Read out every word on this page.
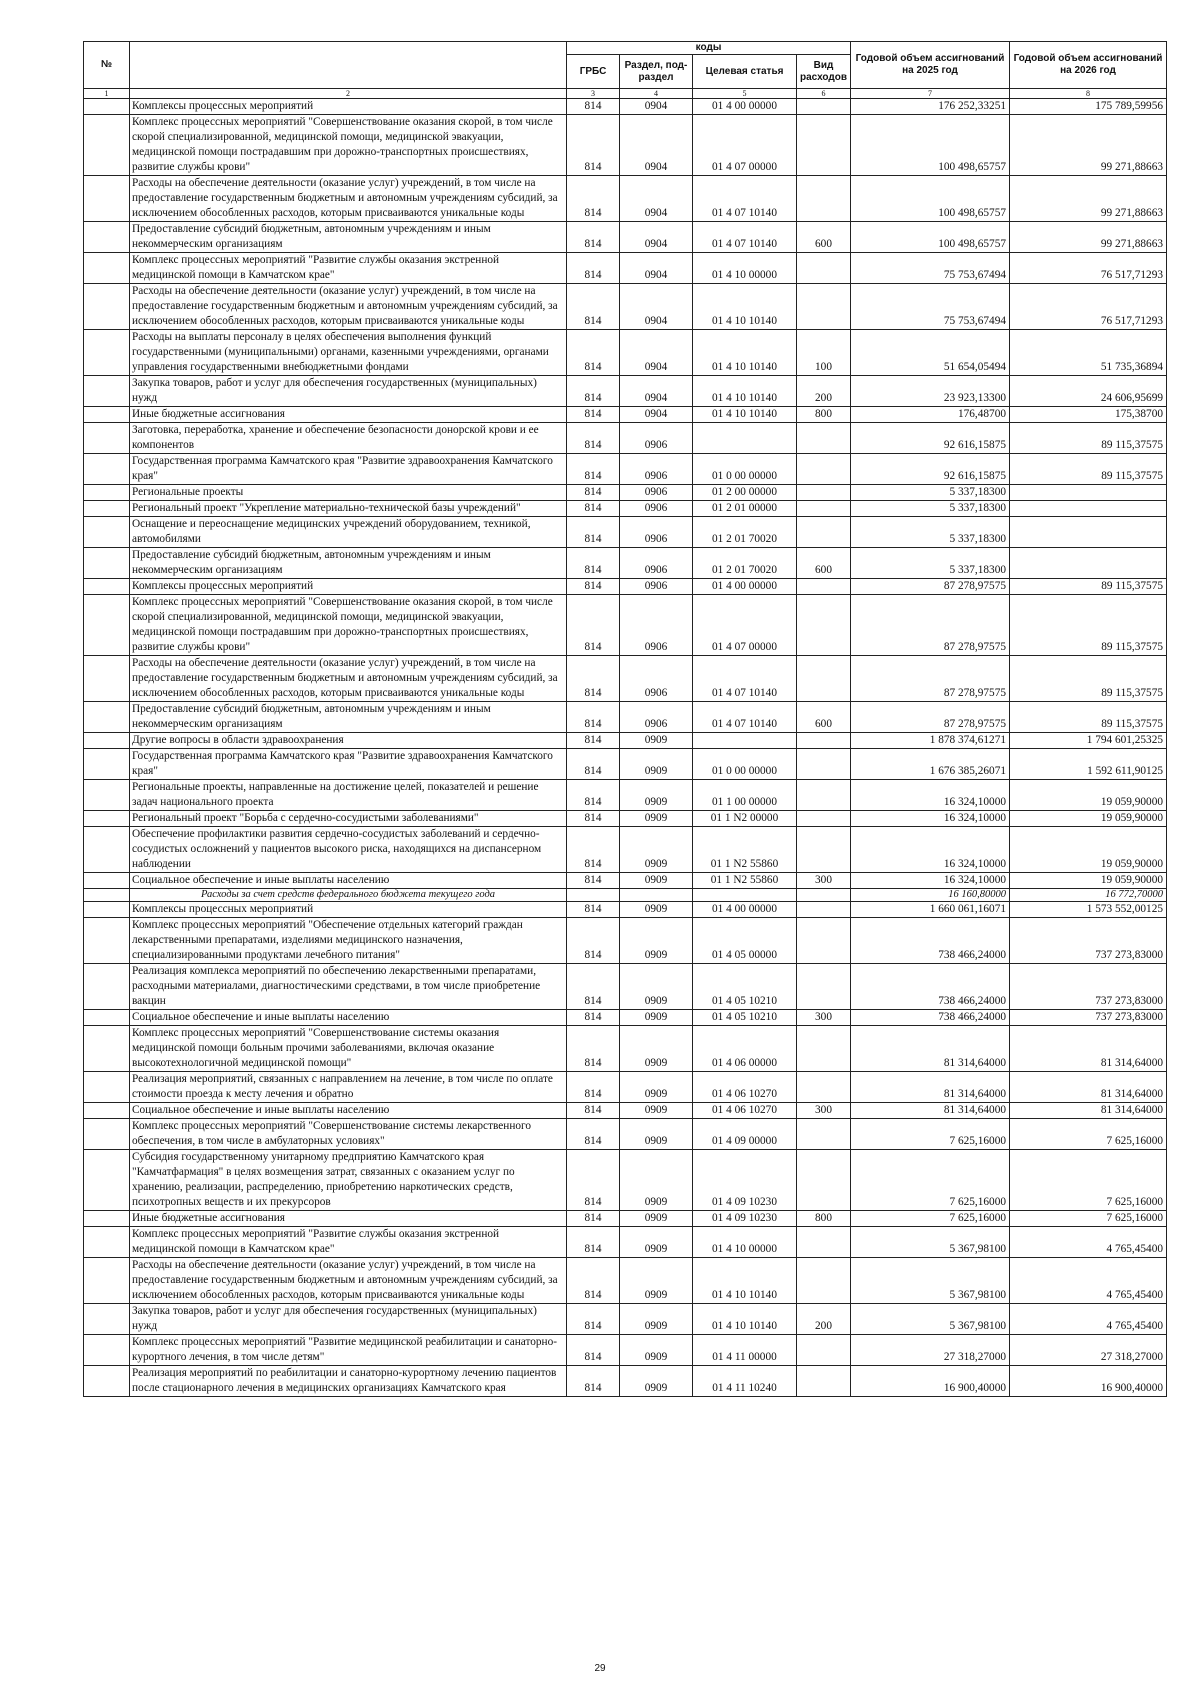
№		коды				Годовой объем ассигнований на 2025 год	Годовой объем ассигнований на 2026 год
		ГРБС	Раздел, под-раздел	Целевая статья	Вид расходов		
1	2	3	4	5	6	7	8
	Комплексы процессных мероприятий	814	0904	01 4 00 00000		176 252,33251	175 789,59956
	Комплекс процессных мероприятий "Совершенствование оказания скорой, в том числе скорой специализированной, медицинской помощи, медицинской эвакуации, медицинской помощи пострадавшим при дорожно-транспортных происшествиях, развитие службы крови"	814	0904	01 4 07 00000		100 498,65757	99 271,88663
	Расходы на обеспечение деятельности (оказание услуг) учреждений, в том числе на предоставление государственным бюджетным и автономным учреждениям субсидий, за исключением обособленных расходов, которым присваиваются уникальные коды	814	0904	01 4 07 10140		100 498,65757	99 271,88663
	Предоставление субсидий бюджетным, автономным учреждениям и иным некоммерческим организациям	814	0904	01 4 07 10140	600	100 498,65757	99 271,88663
	Комплекс процессных мероприятий "Развитие службы оказания экстренной медицинской помощи в Камчатском крае"	814	0904	01 4 10 00000		75 753,67494	76 517,71293
	Расходы на обеспечение деятельности (оказание услуг) учреждений, в том числе на предоставление государственным бюджетным и автономным учреждениям субсидий, за исключением обособленных расходов, которым присваиваются уникальные коды	814	0904	01 4 10 10140		75 753,67494	76 517,71293
	Расходы на выплаты персоналу в целях обеспечения выполнения функций государственными (муниципальными) органами, казенными учреждениями, органами управления государственными внебюджетными фондами	814	0904	01 4 10 10140	100	51 654,05494	51 735,36894
	Закупка товаров, работ и услуг для обеспечения государственных (муниципальных) нужд	814	0904	01 4 10 10140	200	23 923,13300	24 606,95699
	Иные бюджетные ассигнования	814	0904	01 4 10 10140	800	176,48700	175,38700
	Заготовка, переработка, хранение и обеспечение безопасности донорской крови и ее компонентов	814	0906			92 616,15875	89 115,37575
	Государственная программа Камчатского края "Развитие здравоохранения Камчатского края"	814	0906	01 0 00 00000		92 616,15875	89 115,37575
	Региональные проекты	814	0906	01 2 00 00000		5 337,18300	
	Региональный проект "Укрепление материально-технической базы учреждений"	814	0906	01 2 01 00000		5 337,18300	
	Оснащение и переоснащение медицинских учреждений оборудованием, техникой, автомобилями	814	0906	01 2 01 70020		5 337,18300	
	Предоставление субсидий бюджетным, автономным учреждениям и иным некоммерческим организациям	814	0906	01 2 01 70020	600	5 337,18300	
	Комплексы процессных мероприятий	814	0906	01 4 00 00000		87 278,97575	89 115,37575
	Комплекс процессных мероприятий "Совершенствование оказания скорой, в том числе скорой специализированной, медицинской помощи, медицинской эвакуации, медицинской помощи пострадавшим при дорожно-транспортных происшествиях, развитие службы крови"	814	0906	01 4 07 00000		87 278,97575	89 115,37575
	Расходы на обеспечение деятельности (оказание услуг) учреждений, в том числе на предоставление государственным бюджетным и автономным учреждениям субсидий, за исключением обособленных расходов, которым присваиваются уникальные коды	814	0906	01 4 07 10140		87 278,97575	89 115,37575
	Предоставление субсидий бюджетным, автономным учреждениям и иным некоммерческим организациям	814	0906	01 4 07 10140	600	87 278,97575	89 115,37575
	Другие вопросы в области здравоохранения	814	0909			1 878 374,61271	1 794 601,25325
	Государственная программа Камчатского края "Развитие здравоохранения Камчатского края"	814	0909	01 0 00 00000		1 676 385,26071	1 592 611,90125
	Региональные проекты, направленные на достижение целей, показателей и решение задач национального проекта	814	0909	01 1 00 00000		16 324,10000	19 059,90000
	Региональный проект "Борьба с сердечно-сосудистыми заболеваниями"	814	0909	01 1 N2 00000		16 324,10000	19 059,90000
	Обеспечение профилактики развития сердечно-сосудистых заболеваний и сердечно-сосудистых осложнений у пациентов высокого риска, находящихся на диспансерном наблюдении	814	0909	01 1 N2 55860		16 324,10000	19 059,90000
	Социальное обеспечение и иные выплаты населению	814	0909	01 1 N2 55860	300	16 324,10000	19 059,90000
	Расходы за счет средств федерального бюджета текущего года					16 160,80000	16 772,70000
	Комплексы процессных мероприятий	814	0909	01 4 00 00000		1 660 061,16071	1 573 552,00125
	Комплекс процессных мероприятий "Обеспечение отдельных категорий граждан лекарственными препаратами, изделиями медицинского назначения, специализированными продуктами лечебного питания"	814	0909	01 4 05 00000		738 466,24000	737 273,83000
	Реализация комплекса мероприятий по обеспечению лекарственными препаратами, расходными материалами, диагностическими средствами, в том числе приобретение вакцин	814	0909	01 4 05 10210		738 466,24000	737 273,83000
	Социальное обеспечение и иные выплаты населению	814	0909	01 4 05 10210	300	738 466,24000	737 273,83000
	Комплекс процессных мероприятий "Совершенствование системы оказания медицинской помощи больным прочими заболеваниями, включая оказание высокотехнологичной медицинской помощи"	814	0909	01 4 06 00000		81 314,64000	81 314,64000
	Реализация мероприятий, связанных с направлением на лечение, в том числе по оплате стоимости проезда к месту лечения и обратно	814	0909	01 4 06 10270		81 314,64000	81 314,64000
	Социальное обеспечение и иные выплаты населению	814	0909	01 4 06 10270	300	81 314,64000	81 314,64000
	Комплекс процессных мероприятий "Совершенствование системы лекарственного обеспечения, в том числе в амбулаторных условиях"	814	0909	01 4 09 00000		7 625,16000	7 625,16000
	Субсидия государственному унитарному предприятию Камчатского края "Камчатфармация" в целях возмещения затрат, связанных с оказанием услуг по хранению, реализации, распределению, приобретению наркотических средств, психотропных веществ и их прекурсоров	814	0909	01 4 09 10230		7 625,16000	7 625,16000
	Иные бюджетные ассигнования	814	0909	01 4 09 10230	800	7 625,16000	7 625,16000
	Комплекс процессных мероприятий "Развитие службы оказания экстренной медицинской помощи в Камчатском крае"	814	0909	01 4 10 00000		5 367,98100	4 765,45400
	Расходы на обеспечение деятельности (оказание услуг) учреждений, в том числе на предоставление государственным бюджетным и автономным учреждениям субсидий, за исключением обособленных расходов, которым присваиваются уникальные коды	814	0909	01 4 10 10140		5 367,98100	4 765,45400
	Закупка товаров, работ и услуг для обеспечения государственных (муниципальных) нужд	814	0909	01 4 10 10140	200	5 367,98100	4 765,45400
	Комплекс процессных мероприятий "Развитие медицинской реабилитации и санаторно-курортного лечения, в том числе детям"	814	0909	01 4 11 00000		27 318,27000	27 318,27000
	Реализация мероприятий по реабилитации и санаторно-курортному лечению пациентов после стационарного лечения в медицинских организациях Камчатского края	814	0909	01 4 11 10240		16 900,40000	16 900,40000
29
